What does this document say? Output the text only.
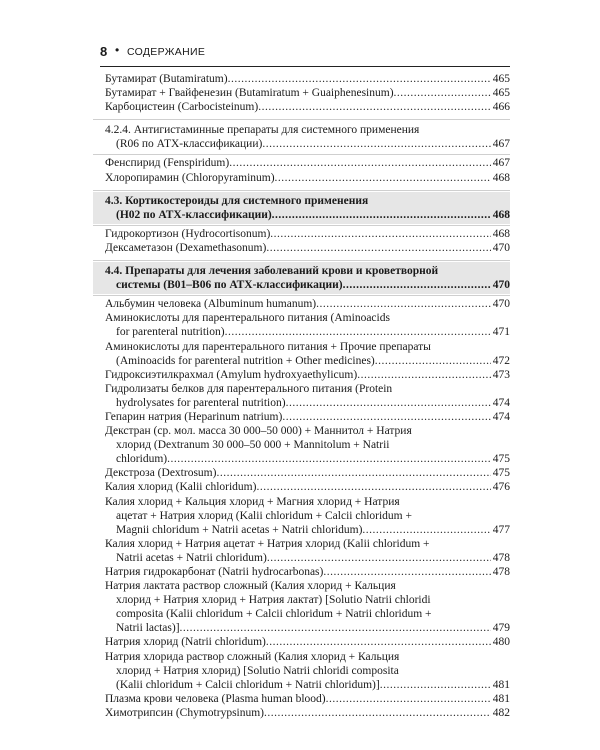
8 • СОДЕРЖАНИЕ
Бутамират (Butamiratum) .....	465
Бутамират + Гвайфенезин (Butamiratum + Guaiphenesinum) .....	465
Карбоцистеин (Carbocisteinum) .....	466
4.2.4. Антигистаминные препараты для системного применения
(R06 по АТХ-классификации) .....	467
Фенспирид (Fenspiridum) .....	467
Хлоропирамин (Chloropyraminum) .....	468
4.3. Кортикостероиды для системного применения
(H02 по АТХ-классификации) .....	468
Гидрокортизон (Hydrocortisonum) .....	468
Дексаметазон (Dexamethasonum) .....	470
4.4. Препараты для лечения заболеваний крови и кроветворной
системы (B01–B06 по АТХ-классификации) .....	470
Альбумин человека (Albuminum humanum) .....	470
Аминокислоты для парентерального питания (Aminoacids
for parenteral nutrition) .....	471
Аминокислоты для парентерального питания + Прочие препараты
(Aminoacids for parenteral nutrition + Other medicines) .....	472
Гидроксиэтилкрахмал (Amylum hydroxyaethylicum) .....	473
Гидролизаты белков для парентерального питания (Protein
hydrolysates for parenteral nutrition) .....	474
Гепарин натрия (Heparinum natrium) .....	474
Декстран (ср. мол. масса 30 000–50 000) + Маннитол + Натрия
хлорид (Dextranum 30 000–50 000 + Mannitolum + Natrii
chloridum) .....	475
Декстроза (Dextrosum) .....	475
Калия хлорид (Kalii chloridum) .....	476
Калия хлорид + Кальция хлорид + Магния хлорид + Натрия
ацетат + Натрия хлорид (Kalii chloridum + Calcii chloridum +
Magnii chloridum + Natrii acetas + Natrii chloridum) .....	477
Калия хлорид + Натрия ацетат + Натрия хлорид (Kalii chloridum +
Natrii acetas + Natrii chloridum) .....	478
Натрия гидрокарбонат (Natrii hydrocarbonas) .....	478
Натрия лактата раствор сложный (Калия хлорид + Кальция
хлорид + Натрия хлорид + Натрия лактат) [Solutio Natrii chloridi
composita (Kalii chloridum + Calcii chloridum + Natrii chloridum +
Natrii lactas)] .....	479
Натрия хлорид (Natrii chloridum) .....	480
Натрия хлорида раствор сложный (Калия хлорид + Кальция
хлорид + Натрия хлорид) [Solutio Natrii chloridi composita
(Kalii chloridum + Calcii chloridum + Natrii chloridum)] .....	481
Плазма крови человека (Plasma human blood) .....	481
Химотрипсин (Chymotrypsinum) .....	482
